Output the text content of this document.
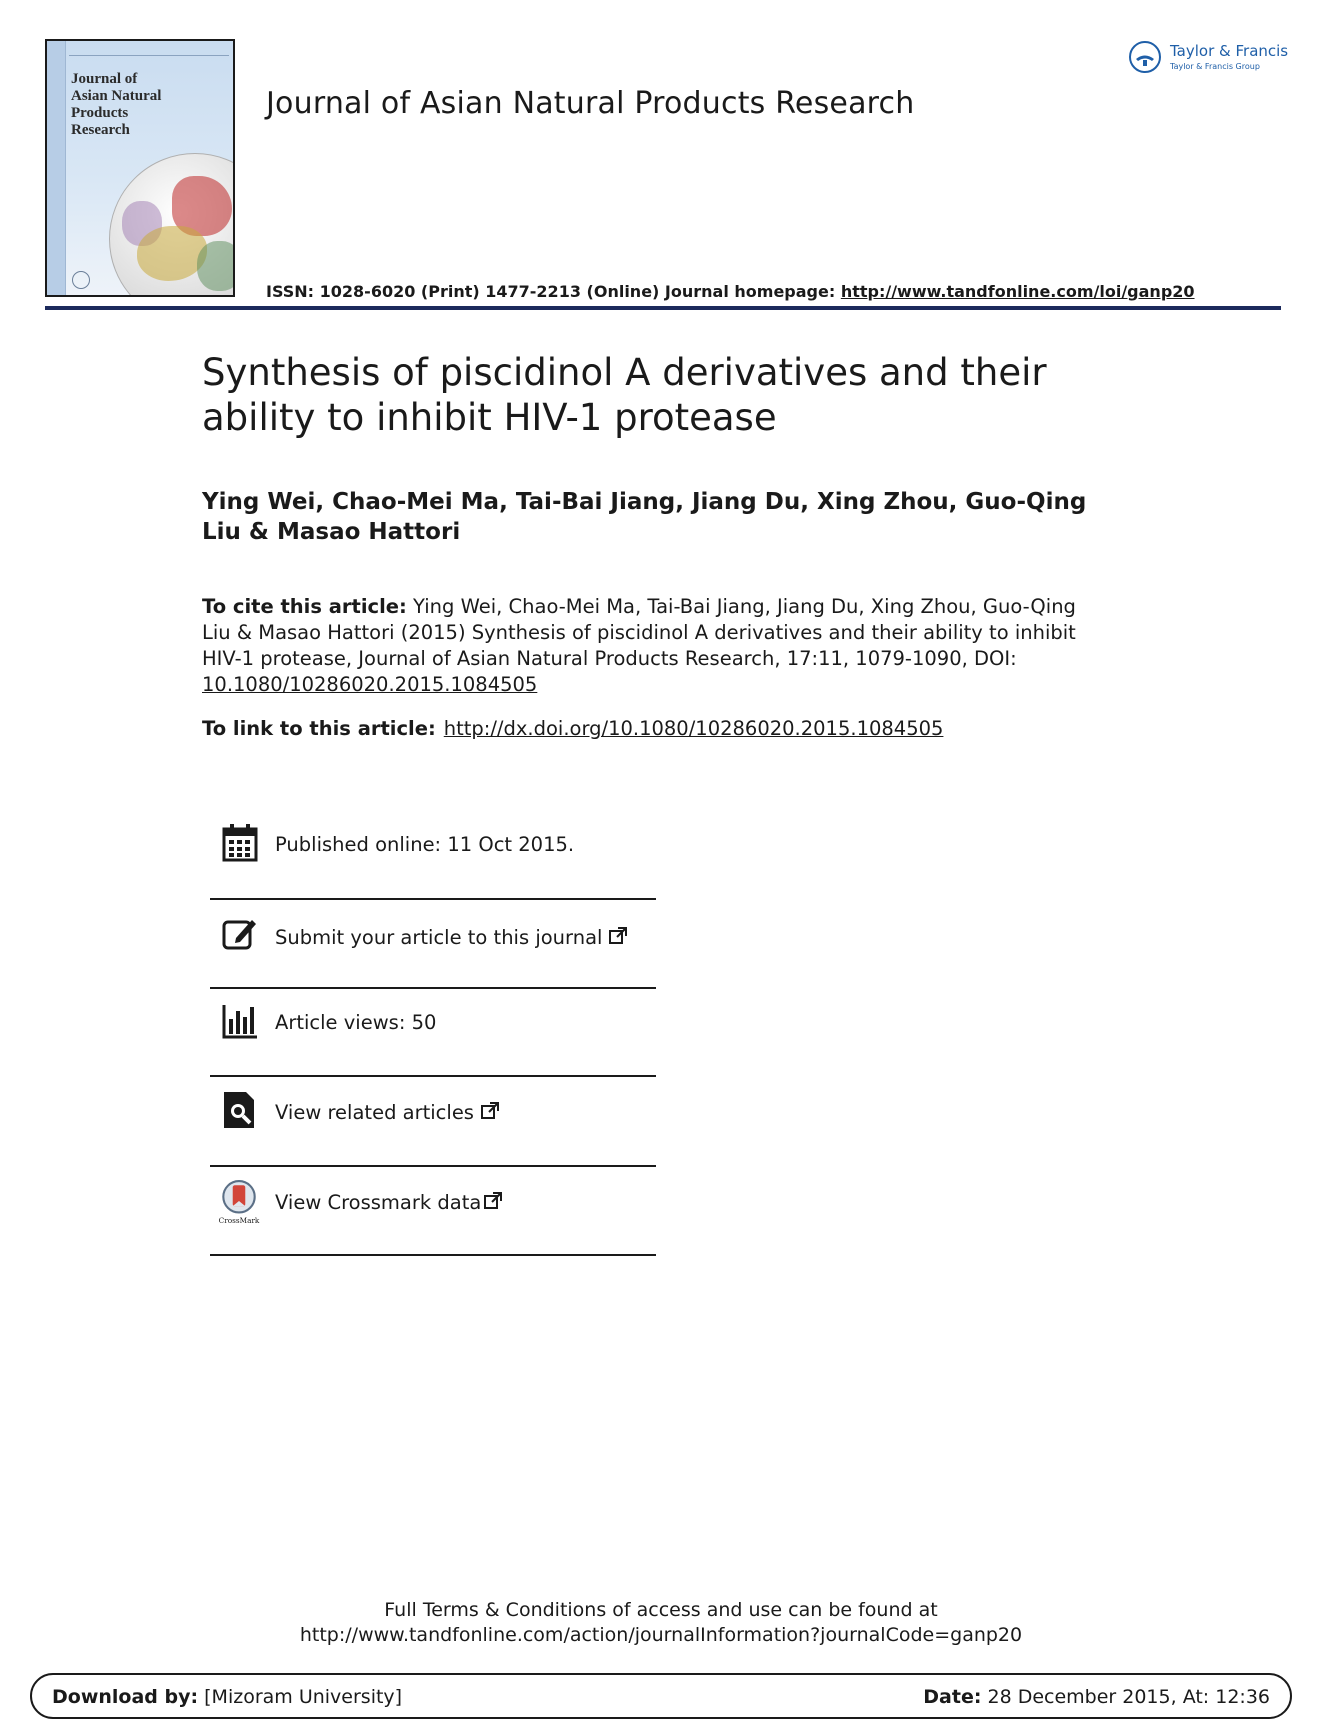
Journal of
Asian Natural
Products
Research
Journal of Asian Natural Products Research
ISSN: 1028-6020 (Print) 1477-2213 (Online) Journal homepage: http://www.tandfonline.com/loi/ganp20
Taylor & Francis
Taylor & Francis Group
Synthesis of piscidinol A derivatives and their ability to inhibit HIV-1 protease
Ying Wei, Chao-Mei Ma, Tai-Bai Jiang, Jiang Du, Xing Zhou, Guo-Qing Liu & Masao Hattori
To cite this article: Ying Wei, Chao-Mei Ma, Tai-Bai Jiang, Jiang Du, Xing Zhou, Guo-Qing Liu & Masao Hattori (2015) Synthesis of piscidinol A derivatives and their ability to inhibit HIV-1 protease, Journal of Asian Natural Products Research, 17:11, 1079-1090, DOI: 10.1080/10286020.2015.1084505
To link to this article: http://dx.doi.org/10.1080/10286020.2015.1084505
Published online: 11 Oct 2015.
Submit your article to this journal
Article views: 50
View related articles
CrossMark
View Crossmark data
Full Terms & Conditions of access and use can be found at
http://www.tandfonline.com/action/journalInformation?journalCode=ganp20
Download by: [Mizoram University]	Date: 28 December 2015, At: 12:36
